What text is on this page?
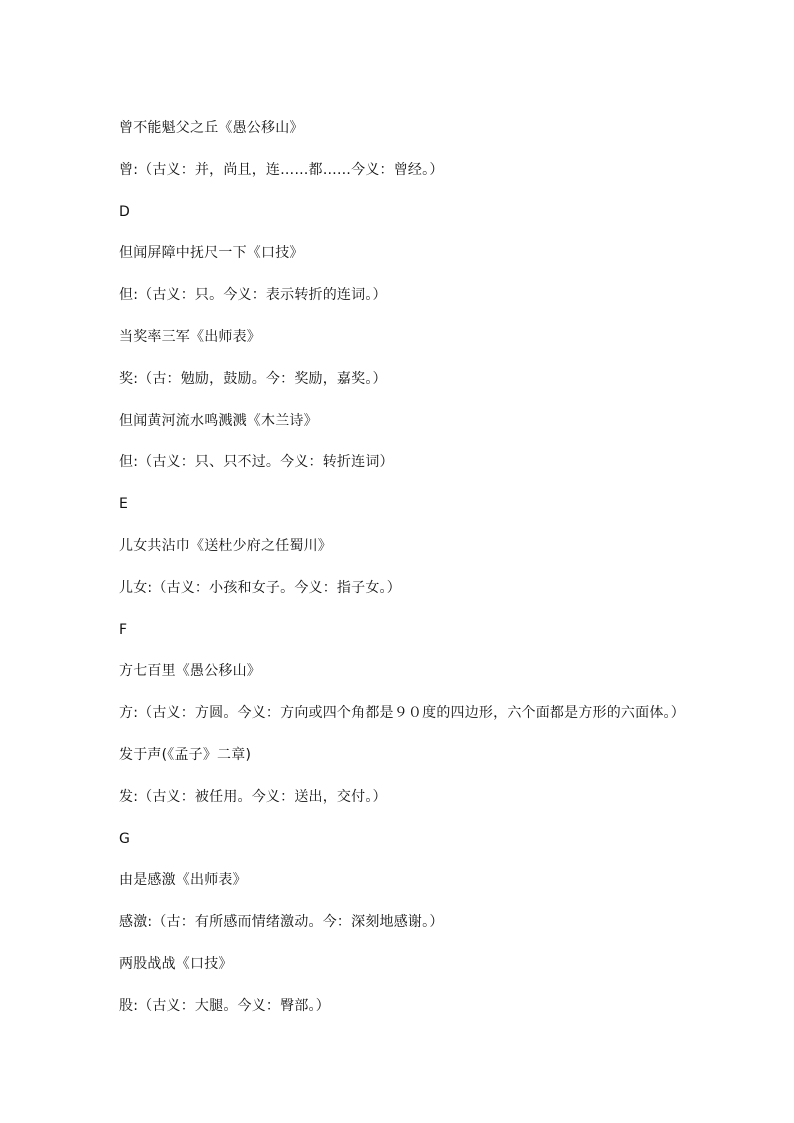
曾不能魁父之丘《愚公移山》
曾:（古义：并，尚且，连……都……今义：曾经。）
D
但闻屏障中抚尺一下《口技》
但:（古义：只。今义：表示转折的连词。）
当奖率三军《出师表》
奖:（古：勉励，鼓励。今：奖励，嘉奖。）
但闻黄河流水鸣溅溅《木兰诗》
但:（古义：只、只不过。今义：转折连词）
E
儿女共沾巾《送杜少府之任蜀川》
儿女:（古义：小孩和女子。今义：指子女。）
F
方七百里《愚公移山》
方:（古义：方圆。今义：方向或四个角都是９０度的四边形，六个面都是方形的六面体。）
发于声(《孟子》二章)
发:（古义：被任用。今义：送出，交付。）
G
由是感激《出师表》
感激:（古：有所感而情绪激动。今：深刻地感谢。）
两股战战《口技》
股:（古义：大腿。今义：臀部。）
